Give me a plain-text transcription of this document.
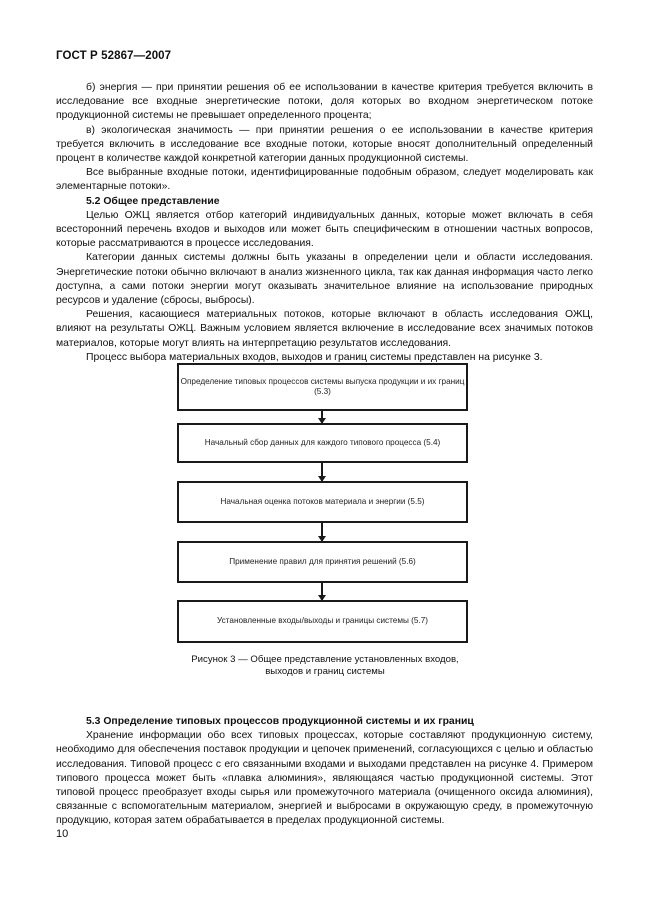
ГОСТ Р 52867—2007

б) энергия — при принятии решения об ее использовании в качестве критерия требуется включить в исследование все входные энергетические потоки, доля которых во входном энергетическом потоке продукционной системы не превышает определенного процента;

в) экологическая значимость — при принятии решения о ее использовании в качестве критерия требуется включить в исследование все входные потоки, которые вносят дополнительный определенный процент в количестве каждой конкретной категории данных продукционной системы.

Все выбранные входные потоки, идентифицированные подобным образом, следует моделировать как элементарные потоки».

5.2 Общее представление

Целью ОЖЦ является отбор категорий индивидуальных данных, которые может включать в себя всесторонний перечень входов и выходов или может быть специфическим в отношении частных вопросов, которые рассматриваются в процессе исследования.

Категории данных системы должны быть указаны в определении цели и области исследования. Энергетические потоки обычно включают в анализ жизненного цикла, так как данная информация часто легко доступна, а сами потоки энергии могут оказывать значительное влияние на использование природных ресурсов и удаление (сбросы, выбросы).

Решения, касающиеся материальных потоков, которые включают в область исследования ОЖЦ, влияют на результаты ОЖЦ. Важным условием является включение в исследование всех значимых потоков материалов, которые могут влиять на интерпретацию результатов исследования.

Процесс выбора материальных входов, выходов и границ системы представлен на рисунке 3.

Определение типовых процессов системы выпуска продукции и их границ (5.3)
Начальный сбор данных для каждого типового процесса (5.4)
Начальная оценка потоков материала и энергии (5.5)
Применение правил для принятия решений (5.6)
Установленные входы/выходы и границы системы (5.7)
Рисунок 3 — Общее представление установленных входов,
выходов и границ системы
5.3 Определение типовых процессов продукционной системы и их границ

Хранение информации обо всех типовых процессах, которые составляют продукционную систему, необходимо для обеспечения поставок продукции и цепочек применений, согласующихся с целью и областью исследования. Типовой процесс с его связанными входами и выходами представлен на рисунке 4. Примером типового процесса может быть «плавка алюминия», являющаяся частью продукционной системы. Этот типовой процесс преобразует входы сырья или промежуточного материала (очищенного оксида алюминия), связанные с вспомогательным материалом, энергией и выбросами в окружающую среду, в промежуточную продукцию, которая затем обрабатывается в пределах продукционной системы.

10
